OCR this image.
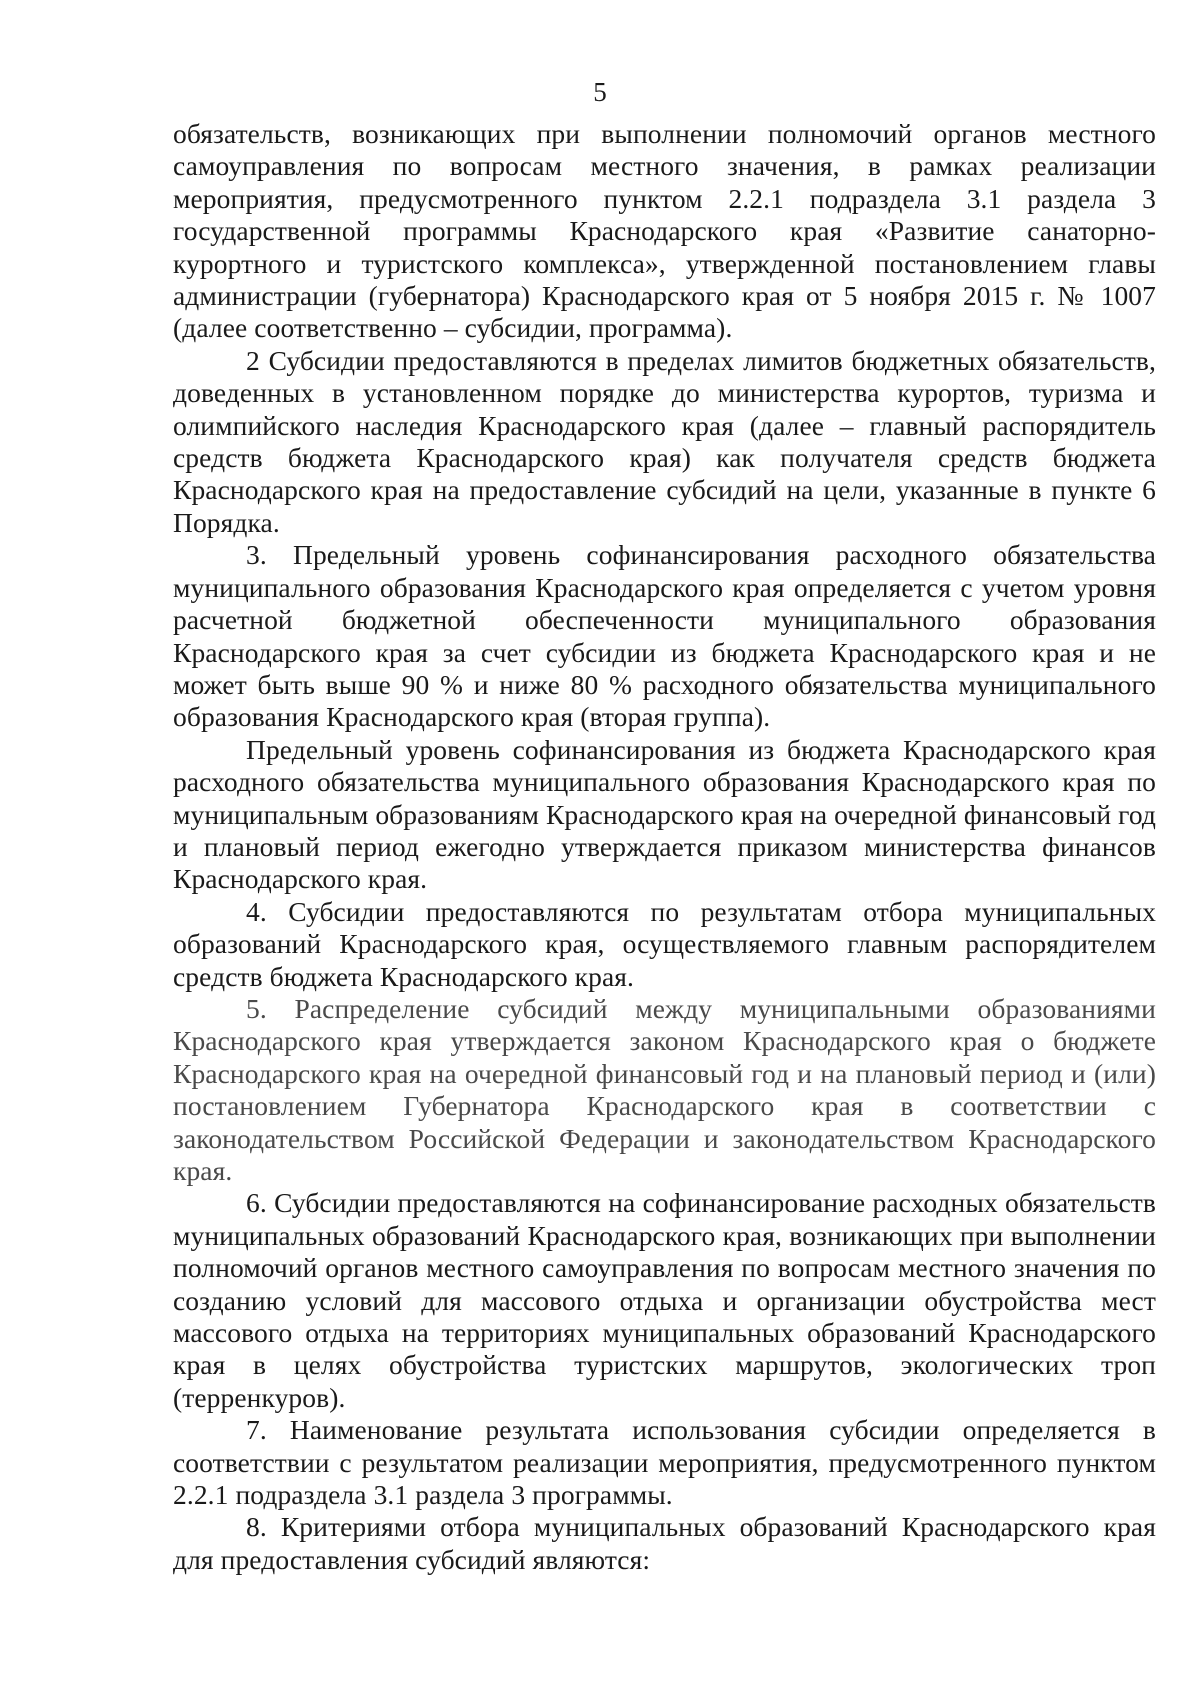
5

обязательств, возникающих при выполнении полномочий органов местного самоуправления по вопросам местного значения, в рамках реализации мероприятия, предусмотренного пунктом 2.2.1 подраздела 3.1 раздела 3 государственной программы Краснодарского края «Развитие санаторно-курортного и туристского комплекса», утвержденной постановлением главы администрации (губернатора) Краснодарского края от 5 ноября 2015 г. № 1007 (далее соответственно – субсидии, программа).

2 Субсидии предоставляются в пределах лимитов бюджетных обязательств, доведенных в установленном порядке до министерства курортов, туризма и олимпийского наследия Краснодарского края (далее – главный распорядитель средств бюджета Краснодарского края) как получателя средств бюджета Краснодарского края на предоставление субсидий на цели, указанные в пункте 6 Порядка.

3. Предельный уровень софинансирования расходного обязательства муниципального образования Краснодарского края определяется с учетом уровня расчетной бюджетной обеспеченности муниципального образования Краснодарского края за счет субсидии из бюджета Краснодарского края и не может быть выше 90 % и ниже 80 % расходного обязательства муниципального образования Краснодарского края (вторая группа).

Предельный уровень софинансирования из бюджета Краснодарского края расходного обязательства муниципального образования Краснодарского края по муниципальным образованиям Краснодарского края на очередной финансовый год и плановый период ежегодно утверждается приказом министерства финансов Краснодарского края.

4. Субсидии предоставляются по результатам отбора муниципальных образований Краснодарского края, осуществляемого главным распорядителем средств бюджета Краснодарского края.

5. Распределение субсидий между муниципальными образованиями Краснодарского края утверждается законом Краснодарского края о бюджете Краснодарского края на очередной финансовый год и на плановый период и (или) постановлением Губернатора Краснодарского края в соответствии с законодательством Российской Федерации и законодательством Краснодарского края.

6. Субсидии предоставляются на софинансирование расходных обязательств муниципальных образований Краснодарского края, возникающих при выполнении полномочий органов местного самоуправления по вопросам местного значения по созданию условий для массового отдыха и организации обустройства мест массового отдыха на территориях муниципальных образований Краснодарского края в целях обустройства туристских маршрутов, экологических троп (терренкуров).

7. Наименование результата использования субсидии определяется в соответствии с результатом реализации мероприятия, предусмотренного пунктом 2.2.1 подраздела 3.1 раздела 3 программы.

8. Критериями отбора муниципальных образований Краснодарского края для предоставления субсидий являются:
